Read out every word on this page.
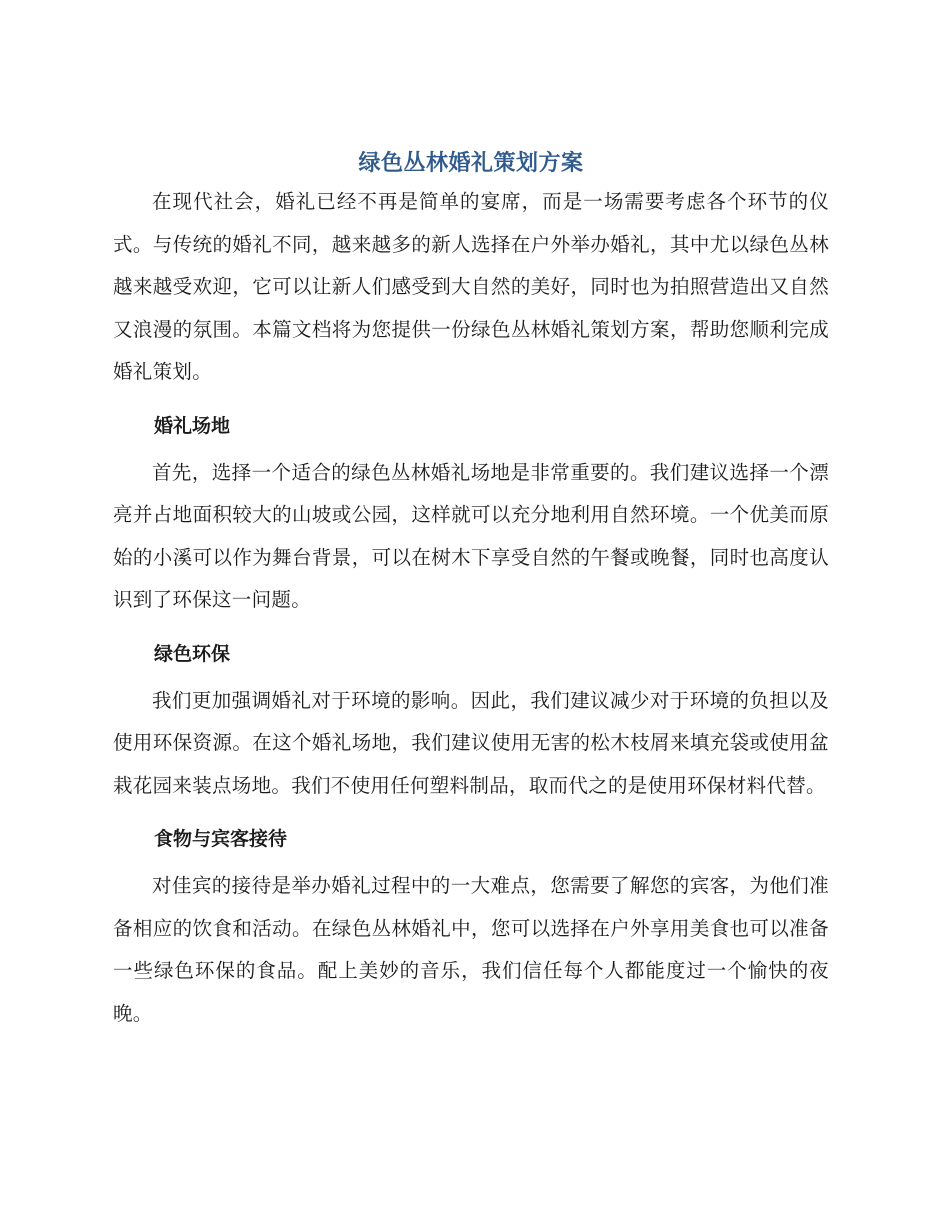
绿色丛林婚礼策划方案

在现代社会，婚礼已经不再是简单的宴席，而是一场需要考虑各个环节的仪式。与传统的婚礼不同，越来越多的新人选择在户外举办婚礼，其中尤以绿色丛林越来越受欢迎，它可以让新人们感受到大自然的美好，同时也为拍照营造出又自然又浪漫的氛围。本篇文档将为您提供一份绿色丛林婚礼策划方案，帮助您顺利完成婚礼策划。

婚礼场地

首先，选择一个适合的绿色丛林婚礼场地是非常重要的。我们建议选择一个漂亮并占地面积较大的山坡或公园，这样就可以充分地利用自然环境。一个优美而原始的小溪可以作为舞台背景，可以在树木下享受自然的午餐或晚餐，同时也高度认识到了环保这一问题。

绿色环保

我们更加强调婚礼对于环境的影响。因此，我们建议减少对于环境的负担以及使用环保资源。在这个婚礼场地，我们建议使用无害的松木枝屑来填充袋或使用盆栽花园来装点场地。我们不使用任何塑料制品，取而代之的是使用环保材料代替。

食物与宾客接待

对佳宾的接待是举办婚礼过程中的一大难点，您需要了解您的宾客，为他们准备相应的饮食和活动。在绿色丛林婚礼中，您可以选择在户外享用美食也可以准备一些绿色环保的食品。配上美妙的音乐，我们信任每个人都能度过一个愉快的夜晚。
